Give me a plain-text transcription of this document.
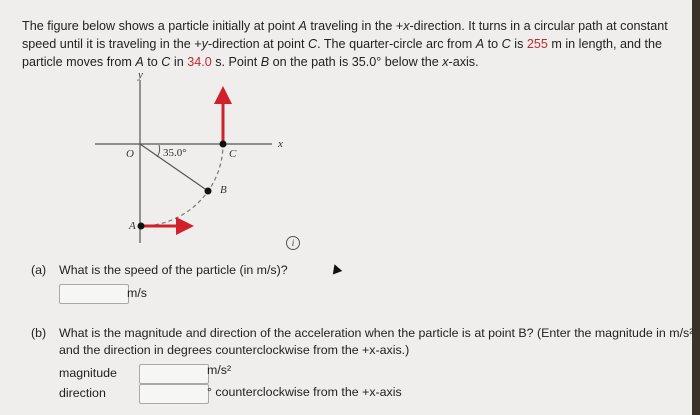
The figure below shows a particle initially at point A traveling in the +x-direction. It turns in a circular path at constant speed until it is traveling in the +y-direction at point C. The quarter-circle arc from A to C is 255 m in length, and the particle moves from A to C in 34.0 s. Point B on the path is 35.0° below the x-axis.
y
x
O	C
B
A
35.0°
i
(a) What is the speed of the particle (in m/s)?
m/s
(b) What is the magnitude and direction of the acceleration when the particle is at point B? (Enter the magnitude in m/s²
and the direction in degrees counterclockwise from the +x-axis.)
magnitude	m/s²
direction	° counterclockwise from the +x-axis
